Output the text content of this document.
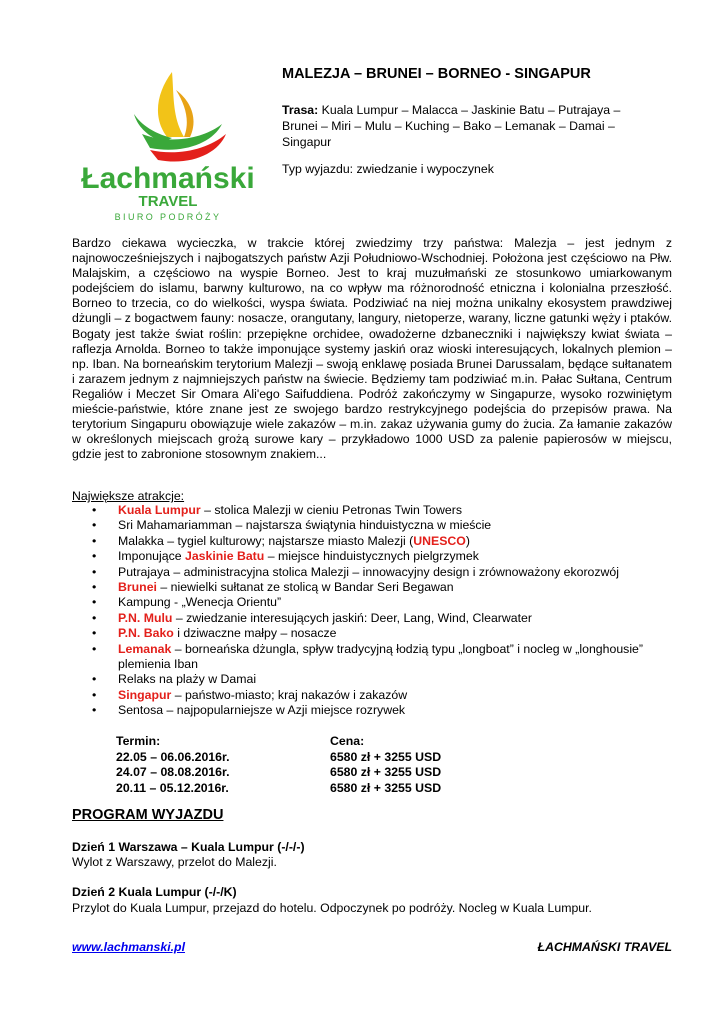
Łachmański
TRAVEL
BIURO PODRÓŻY
MALEZJA – BRUNEI – BORNEO - SINGAPUR

Trasa: Kuala Lumpur – Malacca – Jaskinie Batu – Putrajaya – Brunei – Miri – Mulu – Kuching – Bako – Lemanak – Damai – Singapur

Typ wyjazdu: zwiedzanie i wypoczynek

Bardzo ciekawa wycieczka, w trakcie której zwiedzimy trzy państwa: Malezja – jest jednym z najnowocześniejszych i najbogatszych państw Azji Południowo-Wschodniej. Położona jest częściowo na Płw. Malajskim, a częściowo na wyspie Borneo. Jest to kraj muzułmański ze stosunkowo umiarkowanym podejściem do islamu, barwny kulturowo, na co wpływ ma różnorodność etniczna i kolonialna przeszłość. Borneo to trzecia, co do wielkości, wyspa świata. Podziwiać na niej można unikalny ekosystem prawdziwej dżungli – z bogactwem fauny: nosacze, orangutany, langury, nietoperze, warany, liczne gatunki węży i ptaków. Bogaty jest także świat roślin: przepiękne orchidee, owadożerne dzbaneczniki i największy kwiat świata – raflezja Arnolda. Borneo to także imponujące systemy jaskiń oraz wioski interesujących, lokalnych plemion – np. Iban. Na borneańskim terytorium Malezji – swoją enklawę posiada Brunei Darussalam, będące sułtanatem i zarazem jednym z najmniejszych państw na świecie. Będziemy tam podziwiać m.in. Pałac Sułtana, Centrum Regaliów i Meczet Sir Omara Ali'ego Saifuddiena. Podróż zakończymy w Singapurze, wysoko rozwiniętym mieście-państwie, które znane jest ze swojego bardzo restrykcyjnego podejścia do przepisów prawa. Na terytorium Singapuru obowiązuje wiele zakazów – m.in. zakaz używania gumy do żucia. Za łamanie zakazów w określonych miejscach grożą surowe kary – przykładowo 1000 USD za palenie papierosów w miejscu, gdzie jest to zabronione stosownym znakiem...

Największe atrakcje:

• Kuala Lumpur – stolica Malezji w cieniu Petronas Twin Towers
• Sri Mahamariamman – najstarsza świątynia hinduistyczna w mieście
• Malakka – tygiel kulturowy; najstarsze miasto Malezji (UNESCO)
• Imponujące Jaskinie Batu – miejsce hinduistycznych pielgrzymek
• Putrajaya – administracyjna stolica Malezji – innowacyjny design i zrównoważony ekorozwój
• Brunei – niewielki sułtanat ze stolicą w Bandar Seri Begawan
• Kampung - „Wenecja Orientu”
• P.N. Mulu – zwiedzanie interesujących jaskiń: Deer, Lang, Wind, Clearwater
• P.N. Bako i dziwaczne małpy – nosacze
• Lemanak – borneańska dżungla, spływ tradycyjną łodzią typu „longboat” i nocleg w „longhousie” plemienia Iban
• Relaks na plaży w Damai
• Singapur – państwo-miasto; kraj nakazów i zakazów
• Sentosa – najpopularniejsze w Azji miejsce rozrywek
Termin:
22.05 – 06.06.2016r.
24.07 – 08.08.2016r.
20.11 – 05.12.2016r.
Cena:
6580 zł + 3255 USD
6580 zł + 3255 USD
6580 zł + 3255 USD

PROGRAM WYJAZDU

Dzień 1 Warszawa – Kuala Lumpur (-/-/-)

Wylot z Warszawy, przelot do Malezji.

Dzień 2 Kuala Lumpur (-/-/K)

Przylot do Kuala Lumpur, przejazd do hotelu. Odpoczynek po podróży. Nocleg w Kuala Lumpur.

www.lachmanski.pl	ŁACHMAŃSKI TRAVEL
